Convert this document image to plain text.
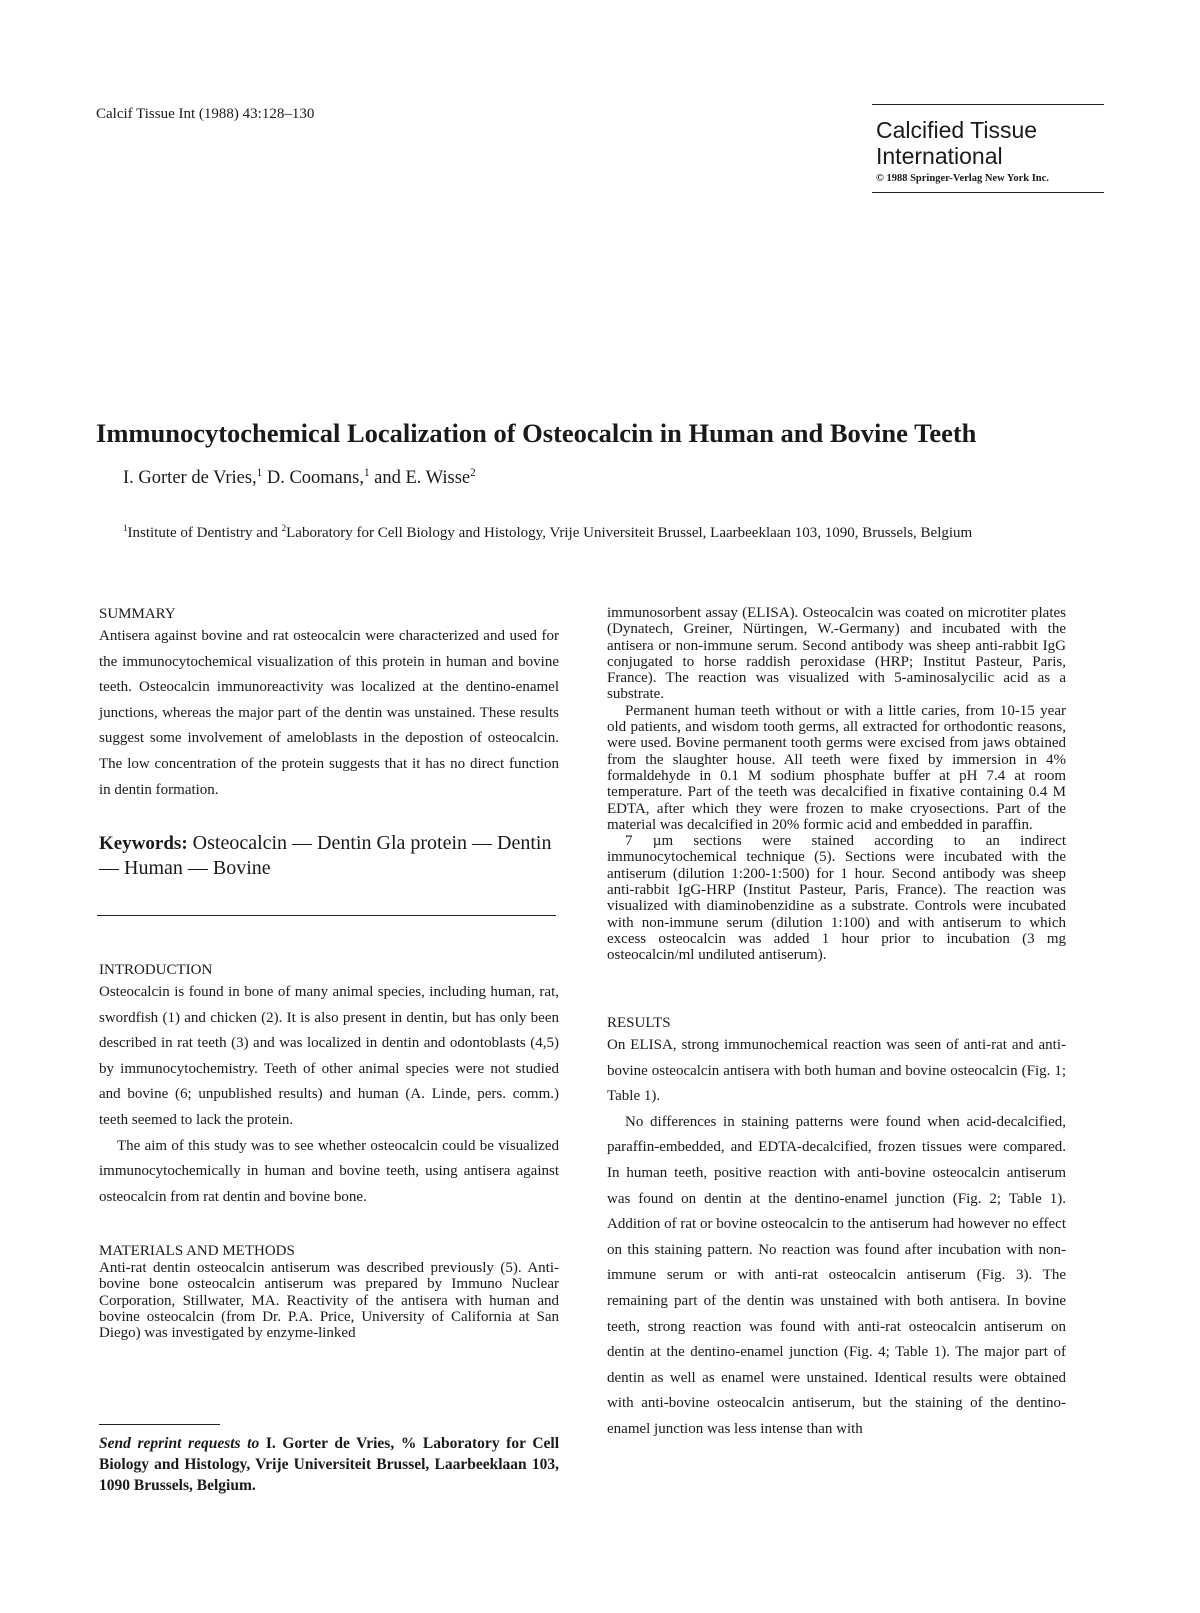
Calcif Tissue Int (1988) 43:128–130
Calcified Tissue
International
© 1988 Springer-Verlag New York Inc.
Immunocytochemical Localization of Osteocalcin in Human and Bovine Teeth
I. Gorter de Vries,$^1$ D. Coomans,$^1$ and E. Wisse$^2$
$^1$Institute of Dentistry and $^2$Laboratory for Cell Biology and Histology, Vrije Universiteit Brussel, Laarbeeklaan 103, 1090, Brussels, Belgium
SUMMARY

Antisera against bovine and rat osteocalcin were characterized and used for the immunocytochemical visualization of this protein in human and bovine teeth. Osteocalcin immunoreactivity was localized at the dentino-enamel junctions, whereas the major part of the dentin was unstained. These results suggest some involvement of ameloblasts in the depostion of osteocalcin. The low concentration of the protein suggests that it has no direct function in dentin formation.

Keywords: Osteocalcin — Dentin Gla protein — Dentin — Human — Bovine
INTRODUCTION

Osteocalcin is found in bone of many animal species, including human, rat, swordfish (1) and chicken (2). It is also present in dentin, but has only been described in rat teeth (3) and was localized in dentin and odontoblasts (4,5) by immunocytochemistry. Teeth of other animal species were not studied and bovine (6; unpublished results) and human (A. Linde, pers. comm.) teeth seemed to lack the protein.

The aim of this study was to see whether osteocalcin could be visualized immunocytochemically in human and bovine teeth, using antisera against osteocalcin from rat dentin and bovine bone.

MATERIALS AND METHODS

Anti-rat dentin osteocalcin antiserum was described previously (5). Anti-bovine bone osteocalcin antiserum was prepared by Immuno Nuclear Corporation, Stillwater, MA. Reactivity of the antisera with human and bovine osteocalcin (from Dr. P.A. Price, University of California at San Diego) was investigated by enzyme-linked

Send reprint requests to I. Gorter de Vries, % Laboratory for Cell Biology and Histology, Vrije Universiteit Brussel, Laarbeeklaan 103, 1090 Brussels, Belgium.

immunosorbent assay (ELISA). Osteocalcin was coated on microtiter plates (Dynatech, Greiner, Nürtingen, W.-Germany) and incubated with the antisera or non-immune serum. Second antibody was sheep anti-rabbit IgG conjugated to horse raddish peroxidase (HRP; Institut Pasteur, Paris, France). The reaction was visualized with 5-aminosalycilic acid as a substrate.

Permanent human teeth without or with a little caries, from 10-15 year old patients, and wisdom tooth germs, all extracted for orthodontic reasons, were used. Bovine permanent tooth germs were excised from jaws obtained from the slaughter house. All teeth were fixed by immersion in 4% formaldehyde in 0.1 M sodium phosphate buffer at pH 7.4 at room temperature. Part of the teeth was decalcified in fixative containing 0.4 M EDTA, after which they were frozen to make cryosections. Part of the material was decalcified in 20% formic acid and embedded in paraffin.

7 µm sections were stained according to an indirect immunocytochemical technique (5). Sections were incubated with the antiserum (dilution 1:200-1:500) for 1 hour. Second antibody was sheep anti-rabbit IgG-HRP (Institut Pasteur, Paris, France). The reaction was visualized with diaminobenzidine as a substrate. Controls were incubated with non-immune serum (dilution 1:100) and with antiserum to which excess osteocalcin was added 1 hour prior to incubation (3 mg osteocalcin/ml undiluted antiserum).

RESULTS

On ELISA, strong immunochemical reaction was seen of anti-rat and anti-bovine osteocalcin antisera with both human and bovine osteocalcin (Fig. 1; Table 1).

No differences in staining patterns were found when acid-decalcified, paraffin-embedded, and EDTA-decalcified, frozen tissues were compared. In human teeth, positive reaction with anti-bovine osteocalcin antiserum was found on dentin at the dentino-enamel junction (Fig. 2; Table 1). Addition of rat or bovine osteocalcin to the antiserum had however no effect on this staining pattern. No reaction was found after incubation with non-immune serum or with anti-rat osteocalcin antiserum (Fig. 3). The remaining part of the dentin was unstained with both antisera. In bovine teeth, strong reaction was found with anti-rat osteocalcin antiserum on dentin at the dentino-enamel junction (Fig. 4; Table 1). The major part of dentin as well as enamel were unstained. Identical results were obtained with anti-bovine osteocalcin antiserum, but the staining of the dentino-enamel junction was less intense than with
